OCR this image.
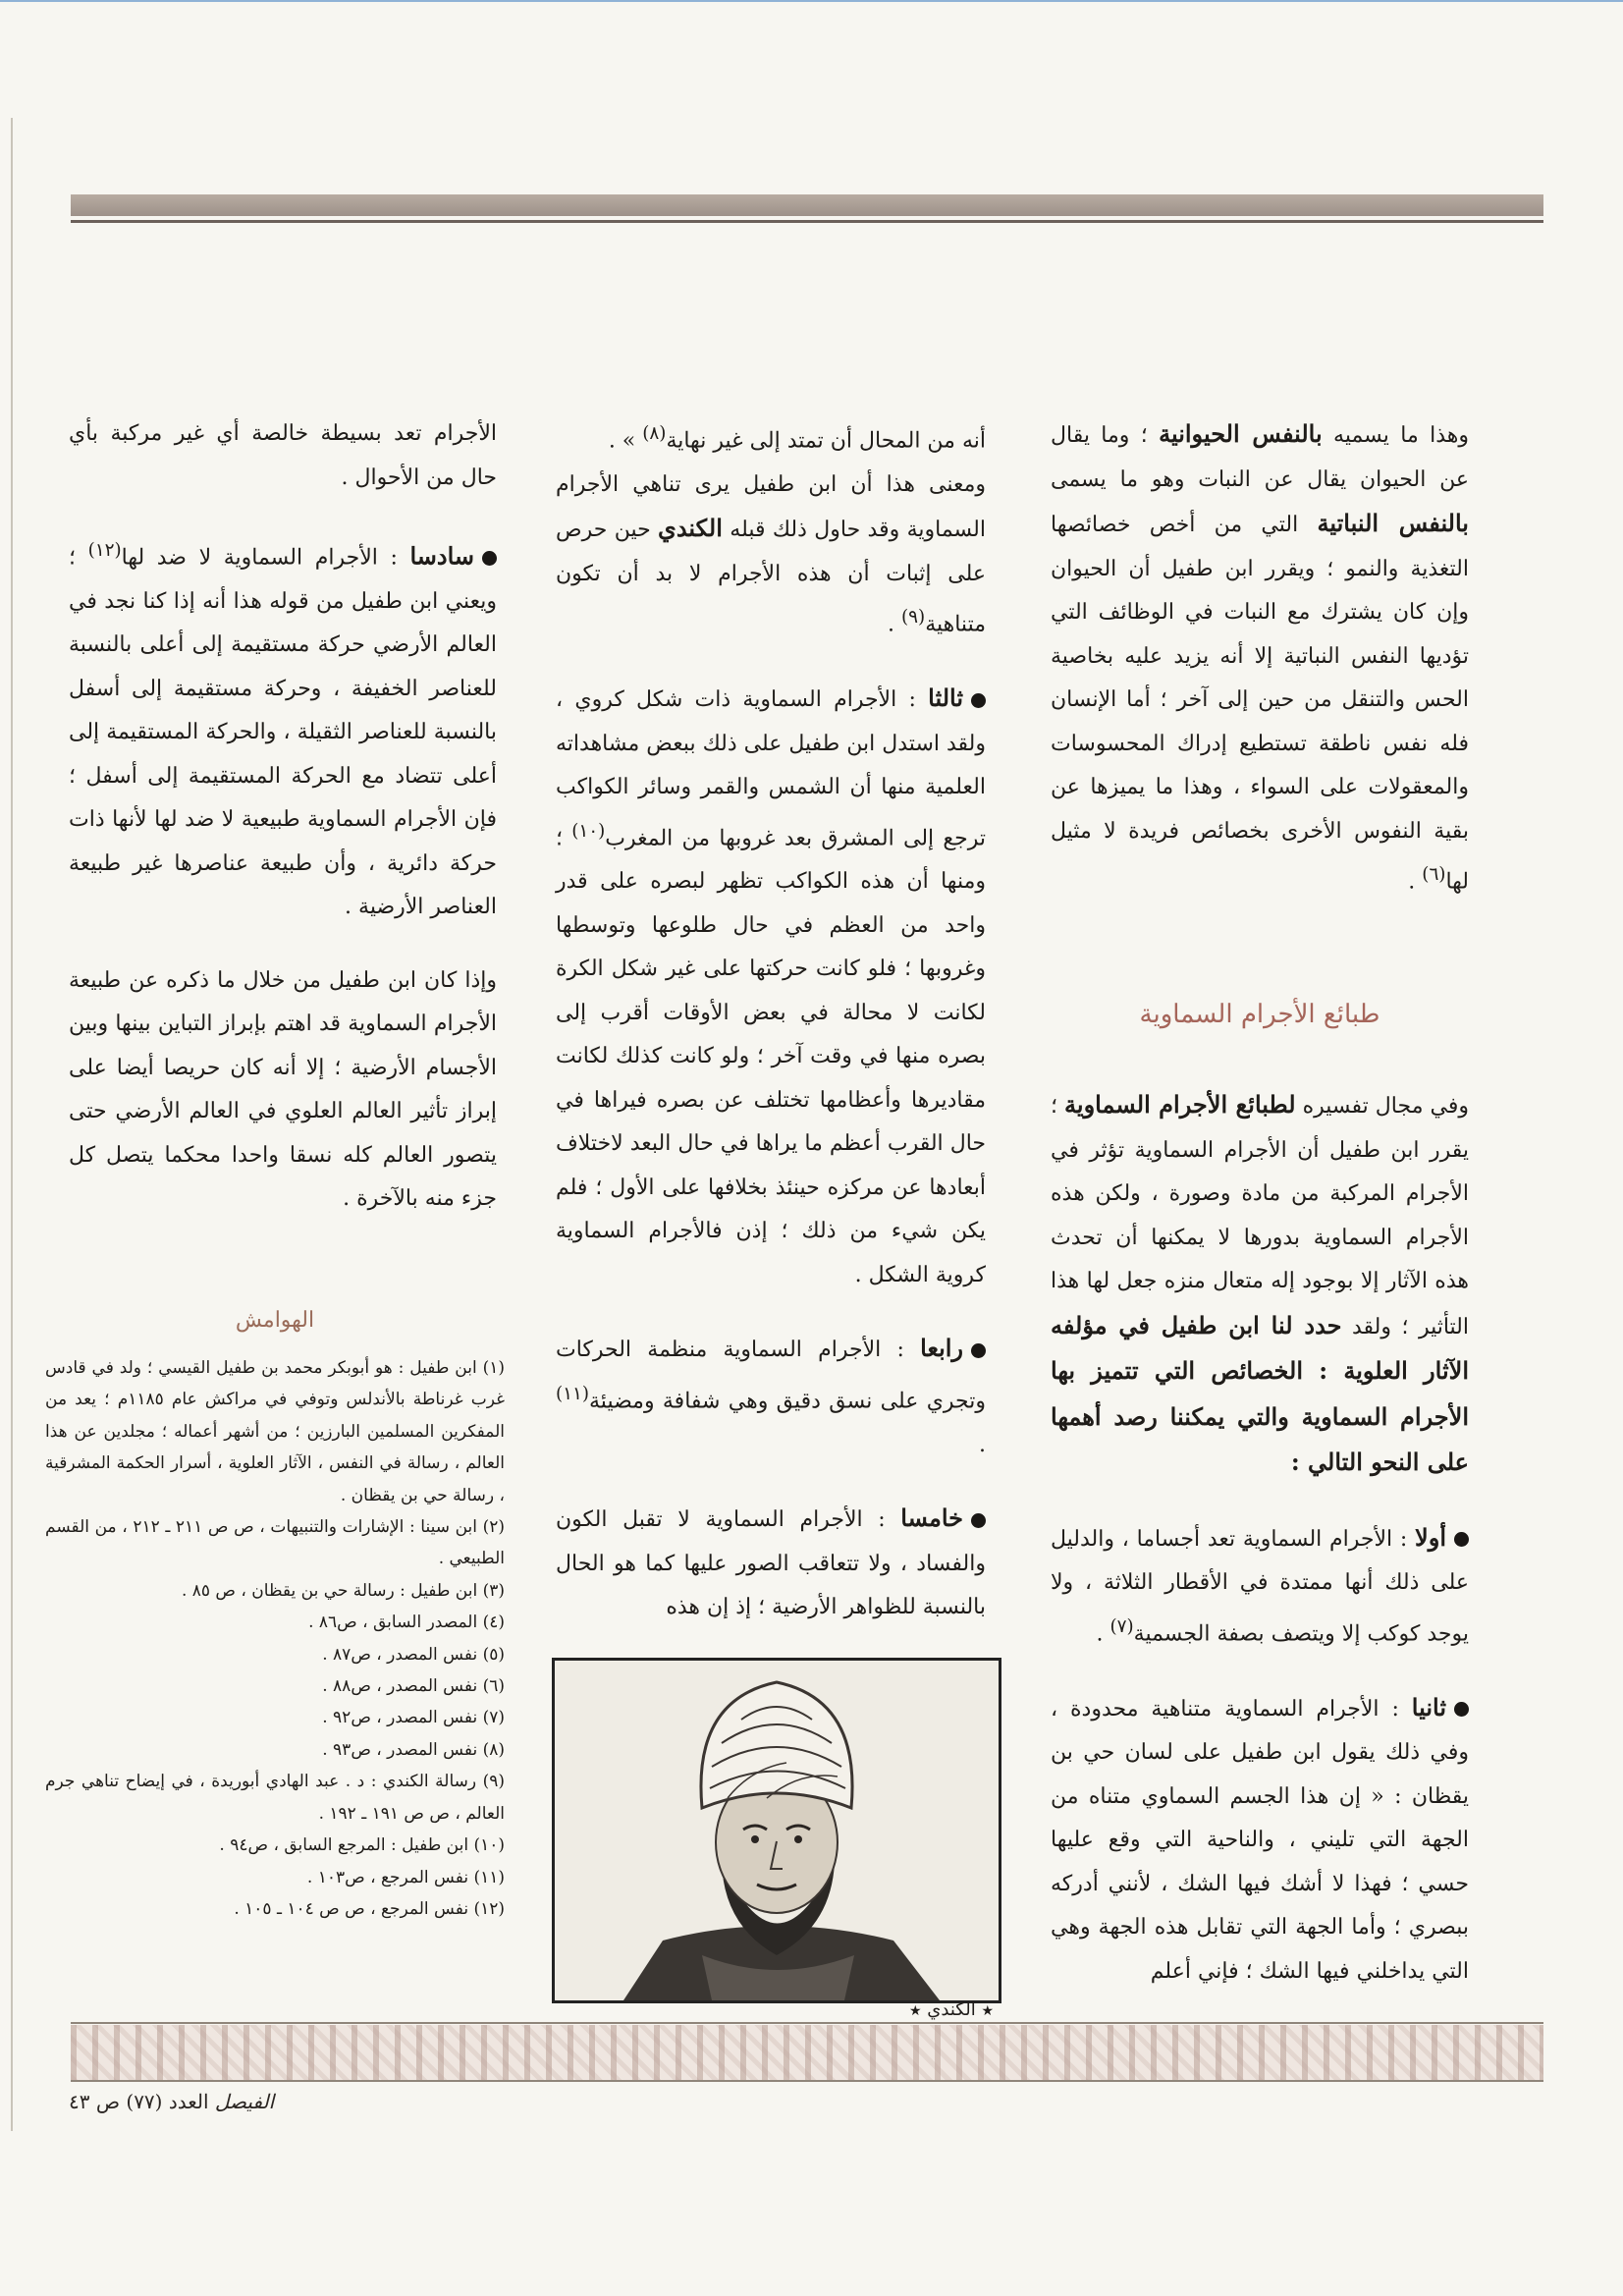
وهذا ما يسميه بالنفس الحيوانية ؛ وما يقال عن الحيوان يقال عن النبات وهو ما يسمى بالنفس النباتية التي من أخص خصائصها التغذية والنمو ؛ ويقرر ابن طفيل أن الحيوان وإن كان يشترك مع النبات في الوظائف التي تؤديها النفس النباتية إلا أنه يزيد عليه بخاصية الحس والتنقل من حين إلى آخر ؛ أما الإنسان فله نفس ناطقة تستطيع إدراك المحسوسات والمعقولات على السواء ، وهذا ما يميزها عن بقية النفوس الأخرى بخصائص فريدة لا مثيل لها$^{(٦)}$ .

طبائع الأجرام السماوية

وفي مجال تفسيره لطبائع الأجرام السماوية ؛ يقرر ابن طفيل أن الأجرام السماوية تؤثر في الأجرام المركبة من مادة وصورة ، ولكن هذه الأجرام السماوية بدورها لا يمكنها أن تحدث هذه الآثار إلا بوجود إله متعال منزه جعل لها هذا التأثير ؛ ولقد حدد لنا ابن طفيل في مؤلفه الآثار العلوية : الخصائص التي تتميز بها الأجرام السماوية والتي يمكننا رصد أهمها على النحو التالي :

أولا : الأجرام السماوية تعد أجساما ، والدليل على ذلك أنها ممتدة في الأقطار الثلاثة ، ولا يوجد كوكب إلا ويتصف بصفة الجسمية$^{(٧)}$ .

ثانيا : الأجرام السماوية متناهية محدودة ، وفي ذلك يقول ابن طفيل على لسان حي بن يقظان : « إن هذا الجسم السماوي متناه من الجهة التي تليني ، والناحية التي وقع عليها حسي ؛ فهذا لا أشك فيها الشك ، لأنني أدركه ببصري ؛ وأما الجهة التي تقابل هذه الجهة وهي التي يداخلني فيها الشك ؛ فإني أعلم

أنه من المحال أن تمتد إلى غير نهاية$^{(٨)}$ » .

ومعنى هذا أن ابن طفيل يرى تناهي الأجرام السماوية وقد حاول ذلك قبله الكندي حين حرص على إثبات أن هذه الأجرام لا بد أن تكون متناهية$^{(٩)}$ .

ثالثا : الأجرام السماوية ذات شكل كروي ، ولقد استدل ابن طفيل على ذلك ببعض مشاهداته العلمية منها أن الشمس والقمر وسائر الكواكب ترجع إلى المشرق بعد غروبها من المغرب$^{(١٠)}$ ؛ ومنها أن هذه الكواكب تظهر لبصره على قدر واحد من العظم في حال طلوعها وتوسطها وغروبها ؛ فلو كانت حركتها على غير شكل الكرة لكانت لا محالة في بعض الأوقات أقرب إلى بصره منها في وقت آخر ؛ ولو كانت كذلك لكانت مقاديرها وأعظامها تختلف عن بصره فيراها في حال القرب أعظم ما يراها في حال البعد لاختلاف أبعادها عن مركزه حينئذ بخلافها على الأول ؛ فلم يكن شيء من ذلك ؛ إذن فالأجرام السماوية كروية الشكل .

رابعا : الأجرام السماوية منظمة الحركات وتجري على نسق دقيق وهي شفافة ومضيئة$^{(١١)}$ .

خامسا : الأجرام السماوية لا تقبل الكون والفساد ، ولا تتعاقب الصور عليها كما هو الحال بالنسبة للظواهر الأرضية ؛ إذ إن هذه

الأجرام تعد بسيطة خالصة أي غير مركبة بأي حال من الأحوال .

سادسا : الأجرام السماوية لا ضد لها$^{(١٢)}$ ؛ ويعني ابن طفيل من قوله هذا أنه إذا كنا نجد في العالم الأرضي حركة مستقيمة إلى أعلى بالنسبة للعناصر الخفيفة ، وحركة مستقيمة إلى أسفل بالنسبة للعناصر الثقيلة ، والحركة المستقيمة إلى أعلى تتضاد مع الحركة المستقيمة إلى أسفل ؛ فإن الأجرام السماوية طبيعية لا ضد لها لأنها ذات حركة دائرية ، وأن طبيعة عناصرها غير طبيعة العناصر الأرضية .

وإذا كان ابن طفيل من خلال ما ذكره عن طبيعة الأجرام السماوية قد اهتم بإبراز التباين بينها وبين الأجسام الأرضية ؛ إلا أنه كان حريصا أيضا على إبراز تأثير العالم العلوي في العالم الأرضي حتى يتصور العالم كله نسقا واحدا محكما يتصل كل جزء منه بالآخرة .

الهوامش
(١) ابن طفيل : هو أبوبكر محمد بن طفيل القيسي ؛ ولد في قادس غرب غرناطة بالأندلس وتوفي في مراكش عام ١١٨٥م ؛ يعد من المفكرين المسلمين البارزين ؛ من أشهر أعماله ؛ مجلدين عن هذا العالم ، رسالة في النفس ، الآثار العلوية ، أسرار الحكمة المشرقية ، رسالة حي بن يقظان .
(٢) ابن سينا : الإشارات والتنبيهات ، ص ص ٢١١ ـ ٢١٢ ، من القسم الطبيعي .
(٣) ابن طفيل : رسالة حي بن يقظان ، ص ٨٥ .
(٤) المصدر السابق ، ص٨٦ .
(٥) نفس المصدر ، ص٨٧ .
(٦) نفس المصدر ، ص٨٨ .
(٧) نفس المصدر ، ص٩٢ .
(٨) نفس المصدر ، ص٩٣ .
(٩) رسالة الكندي : د . عبد الهادي أبوريدة ، في إيضاح تناهي جرم العالم ، ص ص ١٩١ ـ ١٩٢ .
(١٠) ابن طفيل : المرجع السابق ، ص٩٤ .
(١١) نفس المرجع ، ص١٠٣ .
(١٢) نفس المرجع ، ص ص ١٠٤ ـ ١٠٥ .
★ الكندي ★
الفيصل العدد (٧٧) ص ٤٣
